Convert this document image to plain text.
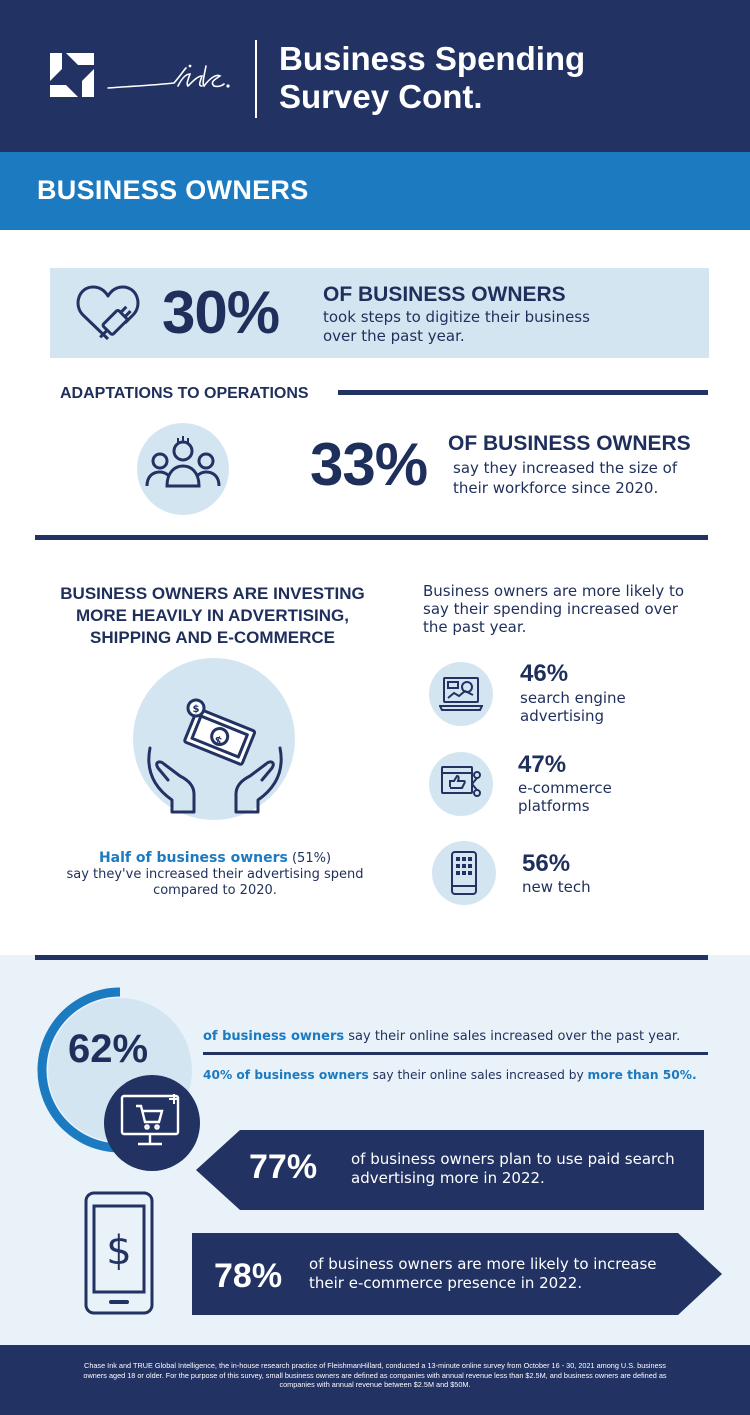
Business Spending
Survey Cont.
BUSINESS OWNERS
30% OF BUSINESS OWNERS
took steps to digitize their business over the past year.
ADAPTATIONS TO OPERATIONS
33% OF BUSINESS OWNERS
say they increased the size of their workforce since 2020.
BUSINESS OWNERS ARE INVESTING MORE HEAVILY IN ADVERTISING, SHIPPING AND E-COMMERCE
$
$
Half of business owners (51%)
say they've increased their advertising spend compared to 2020.
Business owners are more likely to say their spending increased over the past year.
46%
search engine advertising
47%
e-commerce platforms
56%
new tech
62%	of business owners say their online sales increased over the past year.
40% of business owners say their online sales increased by more than 50%.
77% of business owners plan to use paid search advertising more in 2022.
$
78% of business owners are more likely to increase their e-commerce presence in 2022.
Chase Ink and TRUE Global Intelligence, the in-house research practice of FleishmanHillard, conducted a 13-minute online survey from October 16 - 30, 2021 among U.S. business owners aged 18 or older. For the purpose of this survey, small business owners are defined as companies with annual revenue less than $2.5M, and business owners are defined as companies with annual revenue between $2.5M and $50M.
